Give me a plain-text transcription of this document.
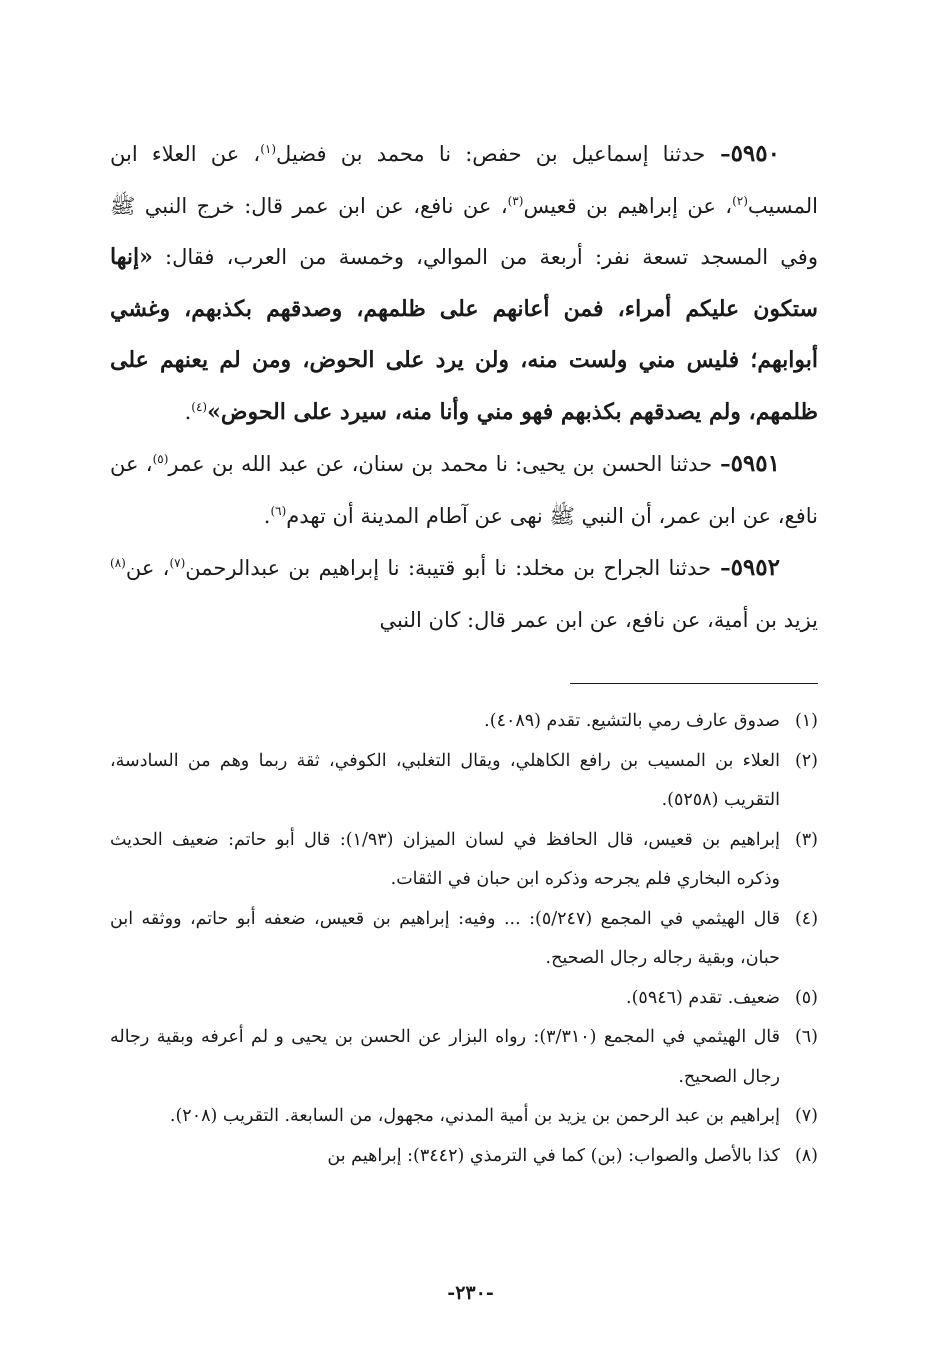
٥٩٥٠– حدثنا إسماعيل بن حفص: نا محمد بن فضيل$^{(١)}$، عن العلاء ابن المسيب$^{(٢)}$، عن إبراهيم بن قعيس$^{(٣)}$، عن نافع، عن ابن عمر قال: خرج النبي ﷺ وفي المسجد تسعة نفر: أربعة من الموالي، وخمسة من العرب، فقال: «إنها ستكون عليكم أمراء، فمن أعانهم على ظلمهم، وصدقهم بكذبهم، وغشي أبوابهم؛ فليس مني ولست منه، ولن يرد على الحوض، ومن لم يعنهم على ظلمهم، ولم يصدقهم بكذبهم فهو مني وأنا منه، سيرد على الحوض»$^{(٤)}$.

٥٩٥١– حدثنا الحسن بن يحيى: نا محمد بن سنان، عن عبد الله بن عمر$^{(٥)}$، عن نافع، عن ابن عمر، أن النبي ﷺ نهى عن آطام المدينة أن تهدم$^{(٦)}$.

٥٩٥٢– حدثنا الجراح بن مخلد: نا أبو قتيبة: نا إبراهيم بن عبدالرحمن$^{(٧)}$، عن$^{(٨)}$ يزيد بن أمية، عن نافع، عن ابن عمر قال: كان النبي

(١)صدوق عارف رمي بالتشيع. تقدم (٤٠٨٩).

(٢)العلاء بن المسيب بن رافع الكاهلي، ويقال التغلبي، الكوفي، ثقة ربما وهم من السادسة، التقريب (٥٢٥٨).

(٣)إبراهيم بن قعيس، قال الحافظ في لسان الميزان (١/٩٣): قال أبو حاتم: ضعيف الحديث وذكره البخاري فلم يجرحه وذكره ابن حبان في الثقات.

(٤)قال الهيثمي في المجمع (٥/٢٤٧): ... وفيه: إبراهيم بن قعيس، ضعفه أبو حاتم، ووثقه ابن حبان، وبقية رجاله رجال الصحيح.

(٥)ضعيف. تقدم (٥٩٤٦).

(٦)قال الهيثمي في المجمع (٣/٣١٠): رواه البزار عن الحسن بن يحيى و لم أعرفه وبقية رجاله رجال الصحيح.

(٧)إبراهيم بن عبد الرحمن بن يزيد بن أمية المدني، مجهول، من السابعة. التقريب (٢٠٨).

(٨)كذا بالأصل والصواب: (بن) كما في الترمذي (٣٤٤٢): إبراهيم بن

-٢٣٠-
